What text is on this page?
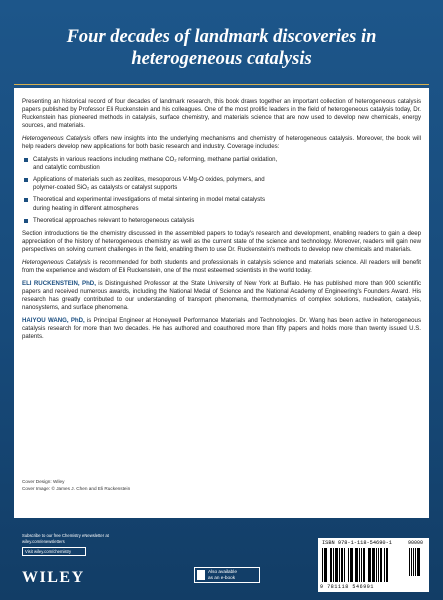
Four decades of landmark discoveries in heterogeneous catalysis

Presenting an historical record of four decades of landmark research, this book draws together an important collection of heterogeneous catalysis papers published by Professor Eli Ruckenstein and his colleagues. One of the most prolific leaders in the field of heterogeneous catalysis today, Dr. Ruckenstein has pioneered methods in catalysis, surface chemistry, and materials science that are now used to develop new chemicals, energy sources, and materials.

Heterogeneous Catalysis offers new insights into the underlying mechanisms and chemistry of heterogeneous catalysis. Moreover, the book will help readers develop new applications for both basic research and industry. Coverage includes:

Catalysts in various reactions including methane CO₂ reforming, methane partial oxidation, and catalytic combustion
Applications of materials such as zeolites, mesoporous V-Mg-O oxides, polymers, and polymer-coated SiO₂ as catalysts or catalyst supports
Theoretical and experimental investigations of metal sintering in model metal catalysts during heating in different atmospheres
Theoretical approaches relevant to heterogeneous catalysis

Section introductions tie the chemistry discussed in the assembled papers to today's research and development, enabling readers to gain a deep appreciation of the history of heterogeneous chemistry as well as the current state of the science and technology. Moreover, readers will gain new perspectives on solving current challenges in the field, enabling them to use Dr. Ruckenstein's methods to develop new chemicals and materials.

Heterogeneous Catalysis is recommended for both students and professionals in catalysis science and materials science. All readers will benefit from the experience and wisdom of Eli Ruckenstein, one of the most esteemed scientists in the world today.

ELI RUCKENSTEIN, PhD, is Distinguished Professor at the State University of New York at Buffalo. He has published more than 900 scientific papers and received numerous awards, including the National Medal of Science and the National Academy of Engineering's Founders Award. His research has greatly contributed to our understanding of transport phenomena, thermodynamics of complex solutions, nucleation, catalysis, nanosystems, and surface phenomena.

HAIYOU WANG, PhD, is Principal Engineer at Honeywell Performance Materials and Technologies. Dr. Wang has been active in heterogeneous catalysis research for more than two decades. He has authored and coauthored more than fifty papers and holds more than twenty issued U.S. patents.

Cover Design: Wiley
Cover Image: © James J. Chen and Eli Ruckenstein
Subscribe to our free Chemistry eNewsletter at
wiley.com/enewsletters
Visit wiley.com/chemistry
WILEY	Also available
as an e-book
ISBN 978-1-118-54690-1
9 781118 546901
90000
